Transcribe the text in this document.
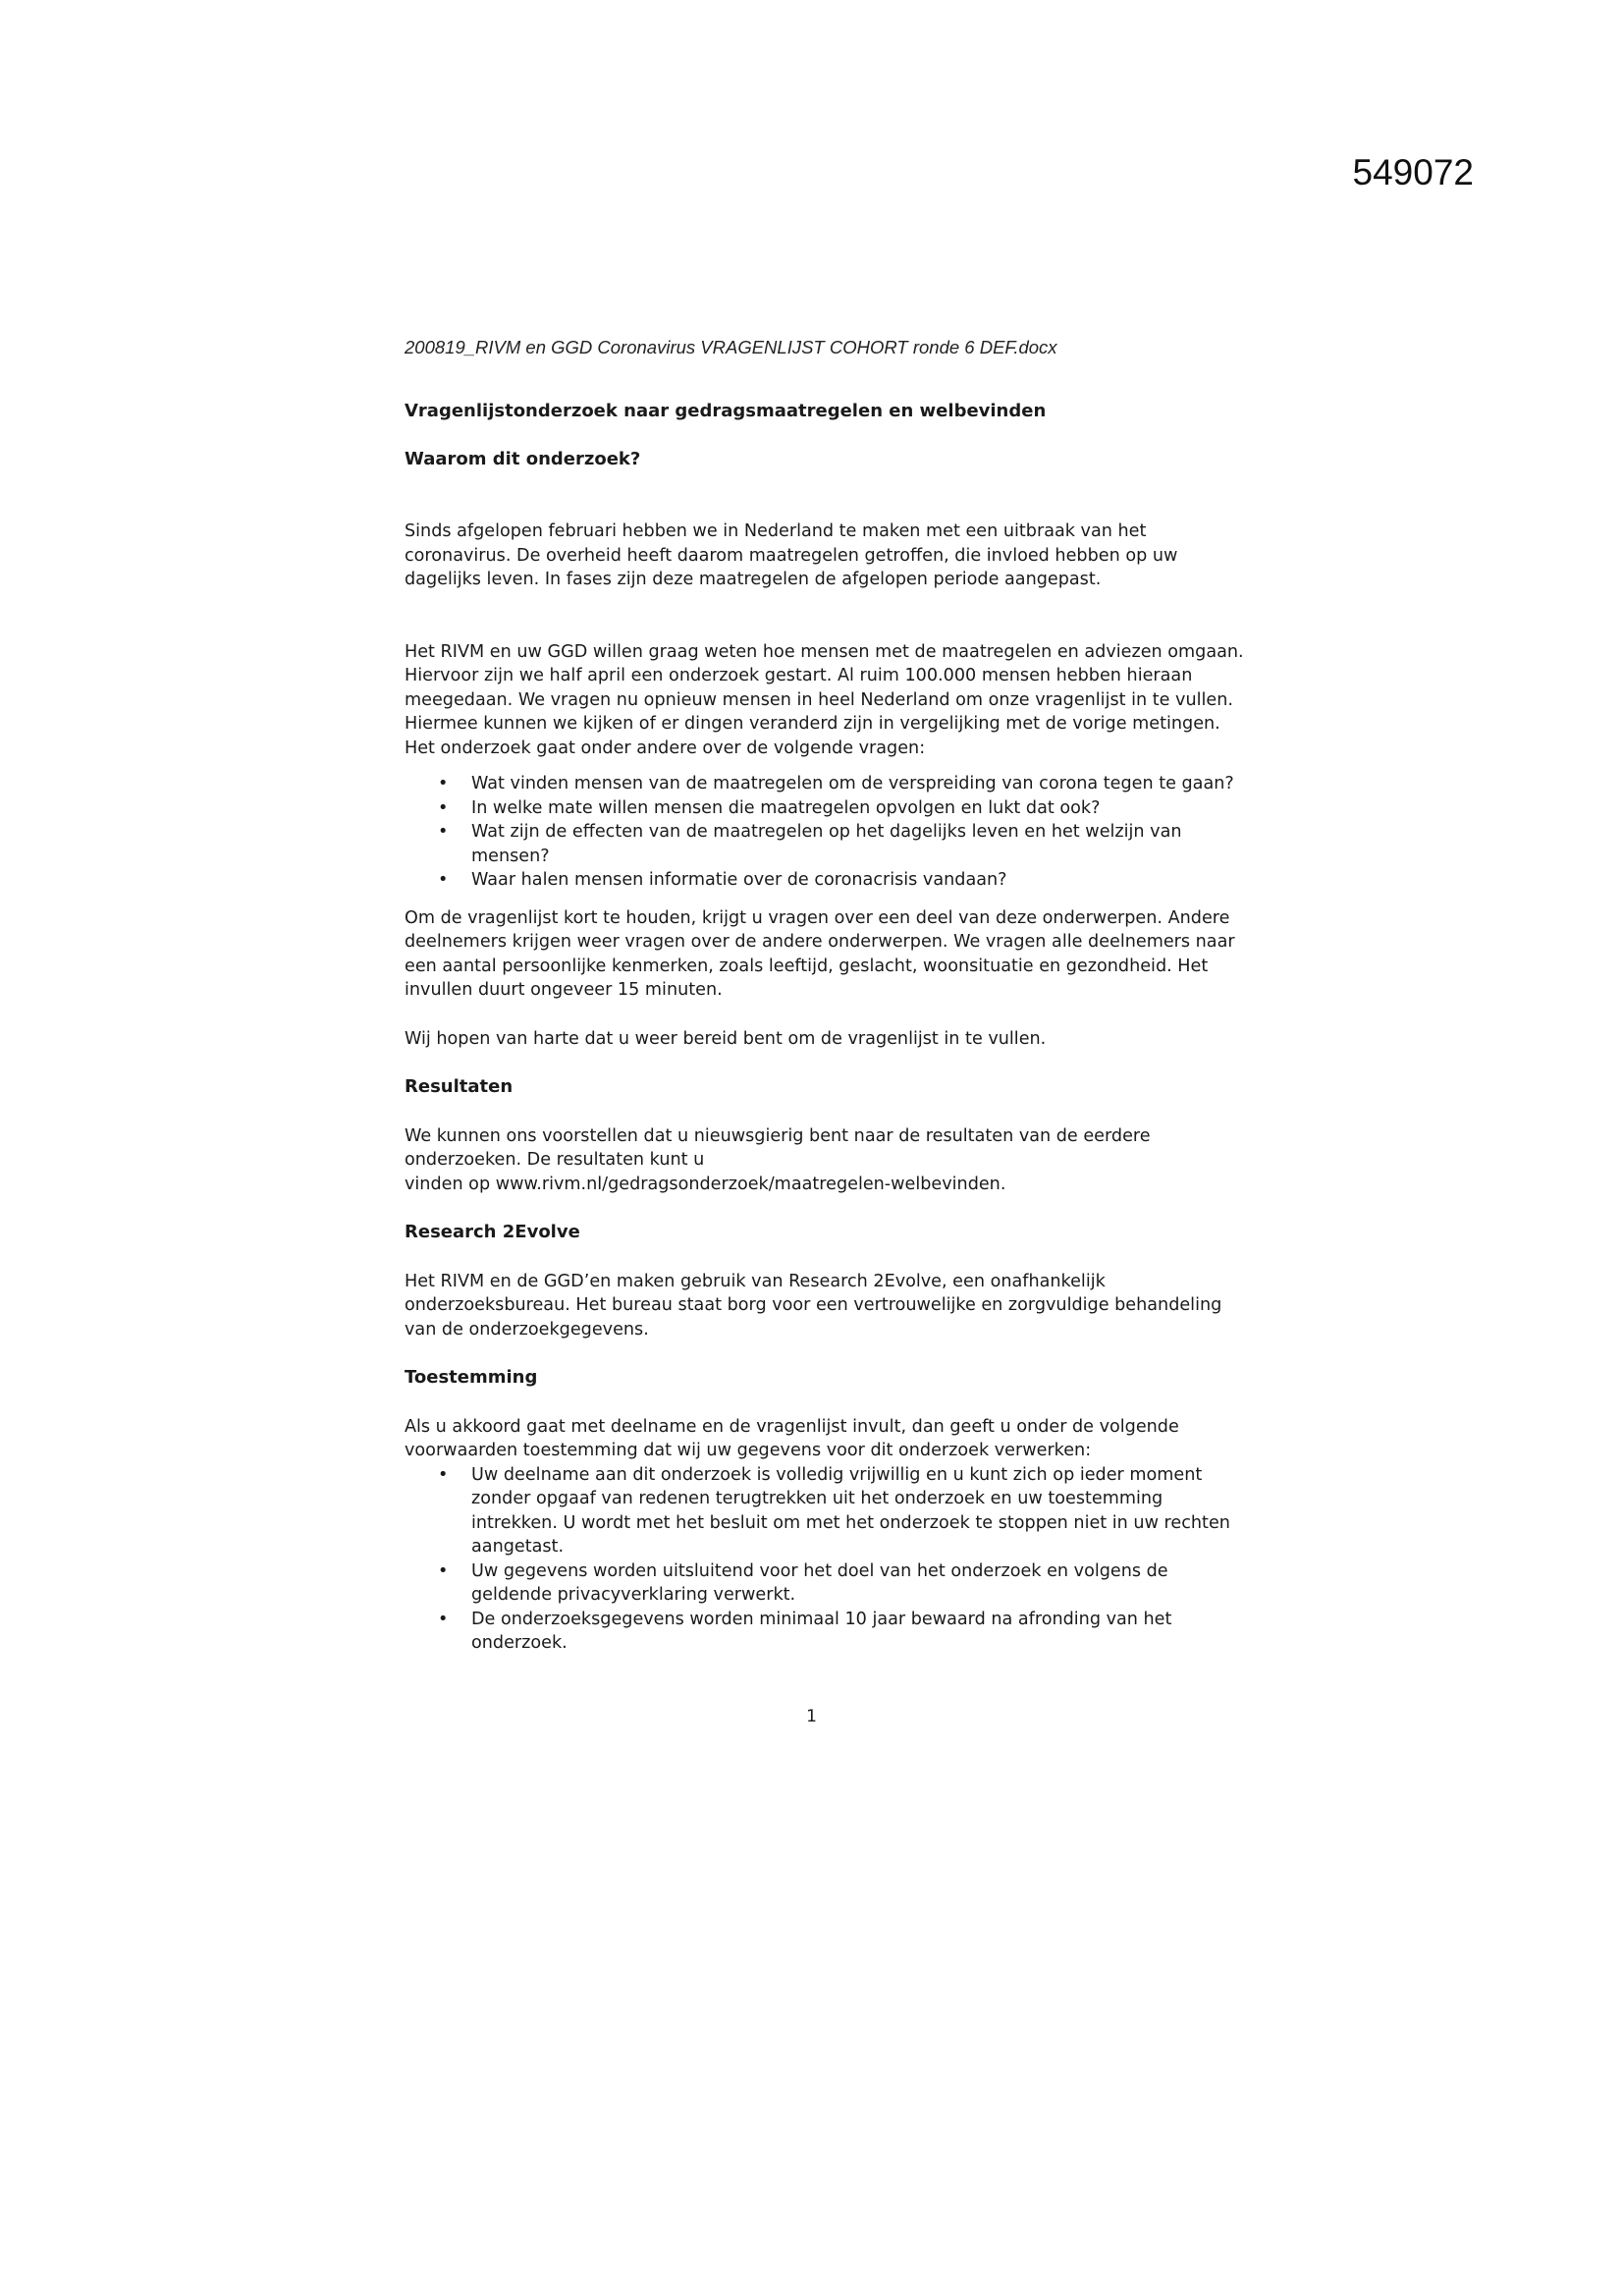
549072

200819_RIVM en GGD Coronavirus VRAGENLIJST COHORT ronde 6 DEF.docx

Vragenlijstonderzoek naar gedragsmaatregelen en welbevinden

Waarom dit onderzoek?

Sinds afgelopen februari hebben we in Nederland te maken met een uitbraak van het coronavirus. De overheid heeft daarom maatregelen getroffen, die invloed hebben op uw dagelijks leven. In fases zijn deze maatregelen de afgelopen periode aangepast.

Het RIVM en uw GGD willen graag weten hoe mensen met de maatregelen en adviezen omgaan. Hiervoor zijn we half april een onderzoek gestart. Al ruim 100.000 mensen hebben hieraan meegedaan. We vragen nu opnieuw mensen in heel Nederland om onze vragenlijst in te vullen. Hiermee kunnen we kijken of er dingen veranderd zijn in vergelijking met de vorige metingen.

Het onderzoek gaat onder andere over de volgende vragen:

• Wat vinden mensen van de maatregelen om de verspreiding van corona tegen te gaan?
• In welke mate willen mensen die maatregelen opvolgen en lukt dat ook?
• Wat zijn de effecten van de maatregelen op het dagelijks leven en het welzijn van mensen?
• Waar halen mensen informatie over de coronacrisis vandaan?

Om de vragenlijst kort te houden, krijgt u vragen over een deel van deze onderwerpen. Andere deelnemers krijgen weer vragen over de andere onderwerpen. We vragen alle deelnemers naar een aantal persoonlijke kenmerken, zoals leeftijd, geslacht, woonsituatie en gezondheid. Het invullen duurt ongeveer 15 minuten.

Wij hopen van harte dat u weer bereid bent om de vragenlijst in te vullen.

Resultaten

We kunnen ons voorstellen dat u nieuwsgierig bent naar de resultaten van de eerdere

onderzoeken. De resultaten kunt u

vinden op www.rivm.nl/gedragsonderzoek/maatregelen-welbevinden.

Research 2Evolve

Het RIVM en de GGD’en maken gebruik van Research 2Evolve, een onafhankelijk onderzoeksbureau. Het bureau staat borg voor een vertrouwelijke en zorgvuldige behandeling van de onderzoekgegevens.

Toestemming

Als u akkoord gaat met deelname en de vragenlijst invult, dan geeft u onder de volgende voorwaarden toestemming dat wij uw gegevens voor dit onderzoek verwerken:

• Uw deelname aan dit onderzoek is volledig vrijwillig en u kunt zich op ieder moment zonder opgaaf van redenen terugtrekken uit het onderzoek en uw toestemming intrekken. U wordt met het besluit om met het onderzoek te stoppen niet in uw rechten aangetast.
• Uw gegevens worden uitsluitend voor het doel van het onderzoek en volgens de geldende privacyverklaring verwerkt.
• De onderzoeksgegevens worden minimaal 10 jaar bewaard na afronding van het onderzoek.

1
